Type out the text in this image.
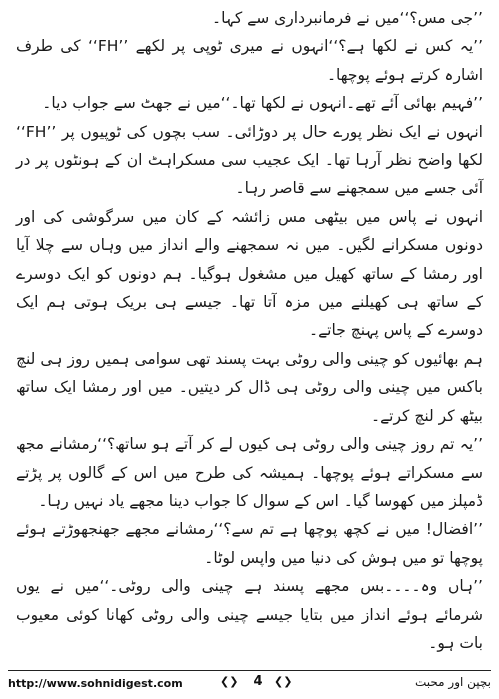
’’جی مس؟‘‘میں نے فرمانبرداری سے کہا۔

’’یہ کس نے لکھا ہے؟‘‘انہوں نے میری ٹوپی پر لکھے ’’FH‘‘ کی طرف اشارہ کرتے ہوئے پوچھا۔

’’فہیم بھائی آئے تھے۔انہوں نے لکھا تھا۔‘‘میں نے جھٹ سے جواب دیا۔

انہوں نے ایک نظر پورے حال پر دوڑائی۔ سب بچوں کی ٹوپیوں پر ’’FH‘‘ لکھا واضح نظر آرہا تھا۔ ایک عجیب سی مسکراہٹ ان کے ہونٹوں پر در آئی جسے میں سمجھنے سے قاصر رہا۔

انہوں نے پاس میں بیٹھی مس زائشہ کے کان میں سرگوشی کی اور دونوں مسکرانے لگیں۔ میں نہ سمجھنے والے انداز میں وہاں سے چلا آیا اور رمشا کے ساتھ کھیل میں مشغول ہوگیا۔ ہم دونوں کو ایک دوسرے کے ساتھ ہی کھیلنے میں مزہ آتا تھا۔ جیسے ہی بریک ہوتی ہم ایک دوسرے کے پاس پہنچ جاتے۔

ہم بھائیوں کو چینی والی روٹی بہت پسند تھی سوامی ہمیں روز ہی لنچ باکس میں چینی والی روٹی ہی ڈال کر دیتیں۔ میں اور رمشا ایک ساتھ بیٹھ کر لنچ کرتے۔

’’یہ تم روز چینی والی روٹی ہی کیوں لے کر آتے ہو ساتھ؟‘‘رمشانے مجھ سے مسکراتے ہوئے پوچھا۔ ہمیشہ کی طرح میں اس کے گالوں پر پڑتے ڈمپلز میں کھوسا گیا۔ اس کے سوال کا جواب دینا مجھے یاد نہیں رہا۔

’’افضال! میں نے کچھ پوچھا ہے تم سے؟‘‘رمشانے مجھے جھنجھوڑتے ہوئے پوچھا تو میں ہوش کی دنیا میں واپس لوٹا۔

’’ہاں وہ۔۔۔۔بس مجھے پسند ہے چینی والی روٹی۔‘‘میں نے یوں شرمائے ہوئے انداز میں بتایا جیسے چینی والی روٹی کھانا کوئی معیوب بات ہو۔

http://www.sohnidigest.com	❮❯	4	❮❯	بچپن اور محبت
